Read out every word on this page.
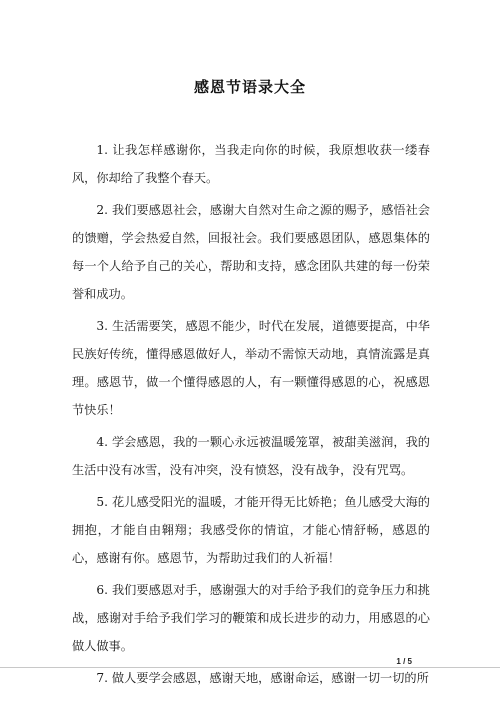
感恩节语录大全

1. 让我怎样感谢你，当我走向你的时候，我原想收获一缕春风，你却给了我整个春天。

2. 我们要感恩社会，感谢大自然对生命之源的赐予，感悟社会的馈赠，学会热爱自然，回报社会。我们要感恩团队，感恩集体的每一个人给予自己的关心，帮助和支持，感念团队共建的每一份荣誉和成功。

3. 生活需要笑，感恩不能少，时代在发展，道德要提高，中华民族好传统，懂得感恩做好人，举动不需惊天动地，真情流露是真理。感恩节，做一个懂得感恩的人，有一颗懂得感恩的心，祝感恩节快乐！

4. 学会感恩，我的一颗心永远被温暖笼罩，被甜美滋润，我的生活中没有冰雪，没有冲突，没有愤怒，没有战争，没有咒骂。

5. 花儿感受阳光的温暖，才能开得无比娇艳；鱼儿感受大海的拥抱，才能自由翱翔；我感受你的情谊，才能心情舒畅，感恩的心，感谢有你。感恩节，为帮助过我们的人祈福！

6. 我们要感恩对手，感谢强大的对手给予我们的竞争压力和挑战，感谢对手给予我们学习的鞭策和成长进步的动力，用感恩的心做人做事。

7. 做人要学会感恩，感谢天地，感谢命运，感谢一切一切的所

1 / 5
